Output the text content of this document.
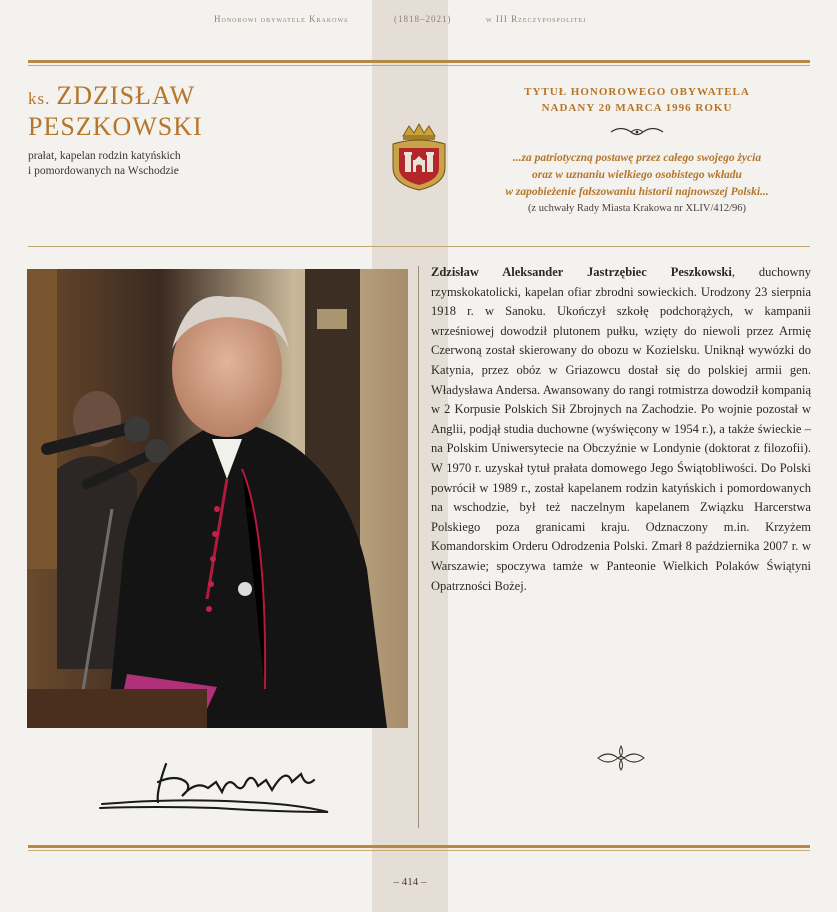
Honorowi obywatele Krakowa	(1818–2021)	w III Rzeczypospolitej
ks. ZDZISŁAW
PESZKOWSKI
prałat, kapelan rodzin katyńskich
i pomordowanych na Wschodzie
TYTUŁ HONOROWEGO OBYWATELA
NADANY 20 MARCA 1996 ROKU
...za patriotyczną postawę przez całego swojego życia
oraz w uznaniu wielkiego osobistego wkładu
w zapobieżenie fałszowaniu historii najnowszej Polski...
(z uchwały Rady Miasta Krakowa nr XLIV/412/96)
Zdzisław Aleksander Jastrzębiec Peszkowski, duchowny rzymskokatolicki, kapelan ofiar zbrodni sowieckich. Urodzony 23 sierpnia 1918 r. w Sanoku. Ukończył szkołę podchorążych, w kampanii wrześniowej dowodził plutonem pułku, wzięty do niewoli przez Armię Czerwoną został skierowany do obozu w Kozielsku. Uniknął wywózki do Katynia, przez obóz w Griazowcu dostał się do polskiej armii gen. Władysława Andersa. Awansowany do rangi rotmistrza dowodził kompanią w 2 Korpusie Polskich Sił Zbrojnych na Zachodzie. Po wojnie pozostał w Anglii, podjął studia duchowne (wyświęcony w 1954 r.), a także świeckie – na Polskim Uniwersytecie na Obczyźnie w Londynie (doktorat z filozofii). W 1970 r. uzyskał tytuł prałata domowego Jego Świątobliwości. Do Polski powrócił w 1989 r., został kapelanem rodzin katyńskich i pomordowanych na wschodzie, był też naczelnym kapelanem Związku Harcerstwa Polskiego poza granicami kraju. Odznaczony m.in. Krzyżem Komandorskim Orderu Odrodzenia Polski. Zmarł 8 października 2007 r. w Warszawie; spoczywa tamże w Panteonie Wielkich Polaków Świątyni Opatrzności Bożej.
– 414 –
